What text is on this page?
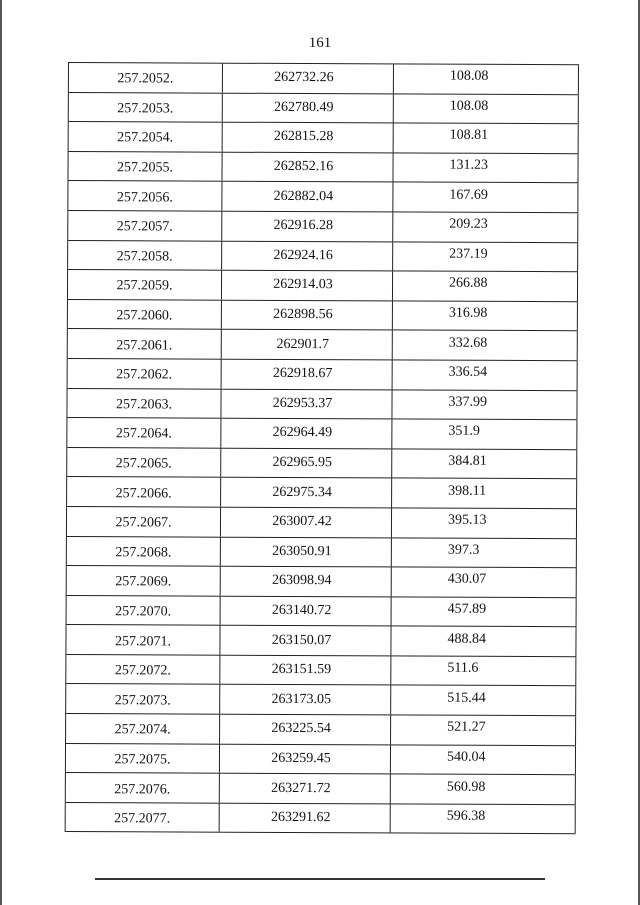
161
257.2052.	262732.26	108.08
257.2053.	262780.49	108.08
257.2054.	262815.28	108.81
257.2055.	262852.16	131.23
257.2056.	262882.04	167.69
257.2057.	262916.28	209.23
257.2058.	262924.16	237.19
257.2059.	262914.03	266.88
257.2060.	262898.56	316.98
257.2061.	262901.7	332.68
257.2062.	262918.67	336.54
257.2063.	262953.37	337.99
257.2064.	262964.49	351.9
257.2065.	262965.95	384.81
257.2066.	262975.34	398.11
257.2067.	263007.42	395.13
257.2068.	263050.91	397.3
257.2069.	263098.94	430.07
257.2070.	263140.72	457.89
257.2071.	263150.07	488.84
257.2072.	263151.59	511.6
257.2073.	263173.05	515.44
257.2074.	263225.54	521.27
257.2075.	263259.45	540.04
257.2076.	263271.72	560.98
257.2077.	263291.62	596.38
